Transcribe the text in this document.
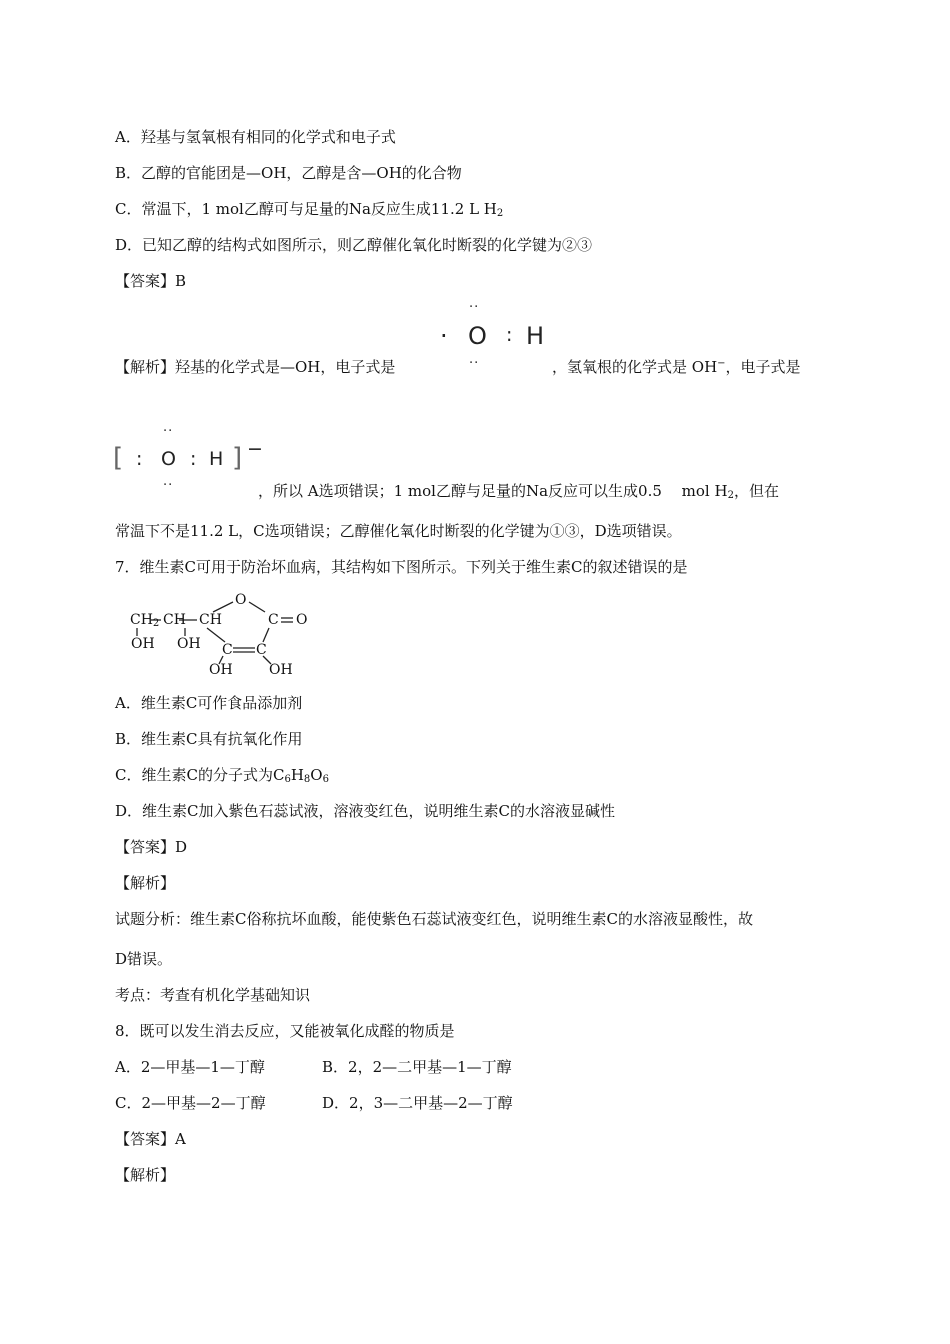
A．羟基与氢氧根有相同的化学式和电子式
B．乙醇的官能团是—OH，乙醇是含—OH的化合物
C．常温下，1 mol乙醇可与足量的Na反应生成11.2 L $H_2$
D．已知乙醇的结构式如图所示，则乙醇催化氧化时断裂的化学键为②③
【答案】B
··
· O : H
··
【解析】羟基的化学式是—OH，电子式是	，氢氧根的化学式是 OH−，电子式是
··
[ : O : H ] −
··	，所以 A选项错误；1 mol乙醇与足量的Na反应可以生成0.5　 mol $H_2$，但在
常温下不是11.2 L，C选项错误；乙醇催化氧化时断裂的化学键为①③，D选项错误。
7．维生素C可用于防治坏血病，其结构如下图所示。下列关于维生素C的叙述错误的是
$CH_2$
OH
CH
OH
CH
O
C O
C C
OH	OH
A．维生素C可作食品添加剂
B．维生素C具有抗氧化作用
C．维生素C的分子式为$C_6H_8O_6$
D．维生素C加入紫色石蕊试液，溶液变红色，说明维生素C的水溶液显碱性
【答案】D
【解析】
试题分析：维生素C俗称抗坏血酸，能使紫色石蕊试液变红色，说明维生素C的水溶液显酸性，故
D错误。
考点：考查有机化学基础知识
8．既可以发生消去反应，又能被氧化成醛的物质是
A．2—甲基—1—丁醇	B．2，2—二甲基—1—丁醇
C．2—甲基—2—丁醇	D．2，3—二甲基—2—丁醇
【答案】A
【解析】
